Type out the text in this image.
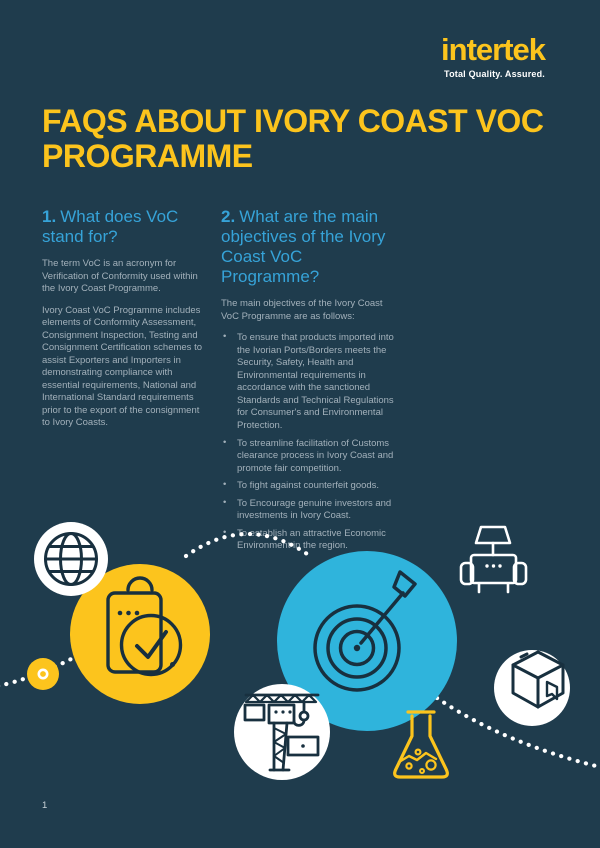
intertek
Total Quality. Assured.
FAQS ABOUT IVORY COAST VOC PROGRAMME
1. What does VoC stand for?

The term VoC is an acronym for Verification of Conformity used within the Ivory Coast Programme.

Ivory Coast VoC Programme includes elements of Conformity Assessment, Consignment Inspection, Testing and Consignment Certification schemes to assist Exporters and Importers in demonstrating compliance with essential requirements, National and International Standard requirements prior to the export of the consignment to Ivory Coasts.

2. What are the main objectives of the Ivory Coast VoC Programme?

The main objectives of the Ivory Coast VoC Programme are as follows:

• To ensure that products imported into the Ivorian Ports/Borders meets the Security, Safety, Health and Environmental requirements in accordance with the sanctioned Standards and Technical Regulations for Consumer's and Environmental Protection.
• To streamline facilitation of Customs clearance process in Ivory Coast and promote fair competition.
• To fight against counterfeit goods.
• To Encourage genuine investors and investments in Ivory Coast.
• To establish an attractive Economic Environment in the region.
1
